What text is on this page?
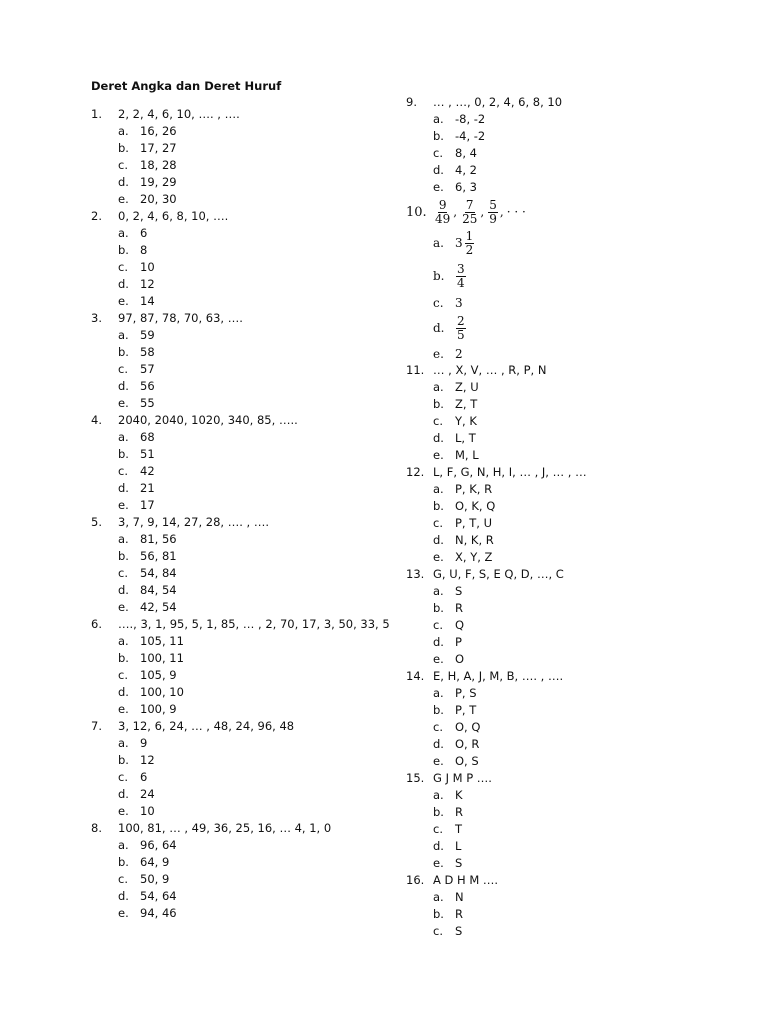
Deret Angka dan Deret Huruf
1.	2, 2, 4, 6, 10, …. , ….
a. 16, 26
b. 17, 27
c.	18, 28
d. 19, 29
e. 20, 30
2.	0, 2, 4, 6, 8, 10, ….
a. 6
b. 8
c.	10
d. 12
e. 14
3.	97, 87, 78, 70, 63, ….
a. 59
b. 58
c.	57
d. 56
e. 55
4.	2040, 2040, 1020, 340, 85, …..
a. 68
b. 51
c.	42
d. 21
e. 17
5.	3, 7, 9, 14, 27, 28, …. , ….
a. 81, 56
b. 56, 81
c.	54, 84
d. 84, 54
e. 42, 54
6.	…., 3, 1, 95, 5, 1, 85, … , 2, 70, 17, 3, 50, 33, 5
a. 105, 11
b. 100, 11
c.	105, 9
d. 100, 10
e. 100, 9
7.	3, 12, 6, 24, … , 48, 24, 96, 48
a. 9
b. 12
c.	6
d. 24
e. 10
8.	100, 81, … , 49, 36, 25, 16, … 4, 1, 0
a. 96, 64
b. 64, 9
c.	50, 9
d. 54, 64
e. 94, 46
9.	… , …, 0, 2, 4, 6, 8, 10
a. -8, -2
b. -4, -2
c.	8, 4
d. 4, 2
e. 6, 3
10. $\frac{9}{49}$ , $\frac{7}{25}$ , $\frac{5}{9}$ , · · ·
a. $3 \frac{1}{2}$
b. $\frac{3}{4}$
c. 3
d. $\frac{2}{5}$
e. 2
11. … , X, V, … , R, P, N
a. Z, U
b. Z, T
c.	Y, K
d. L, T
e. M, L
12. L, F, G, N, H, I, … , J, … , …
a. P, K, R
b. O, K, Q
c.	P, T, U
d. N, K, R
e. X, Y, Z
13. G, U, F, S, E Q, D, …, C
a. S
b. R
c.	Q
d. P
e. O
14. E, H, A, J, M, B, …. , ….
a. P, S
b. P, T
c.	O, Q
d. O, R
e. O, S
15. G J M P ….
a. K
b. R
c.	T
d. L
e. S
16. A D H M ….
a. N
b. R
c.	S
